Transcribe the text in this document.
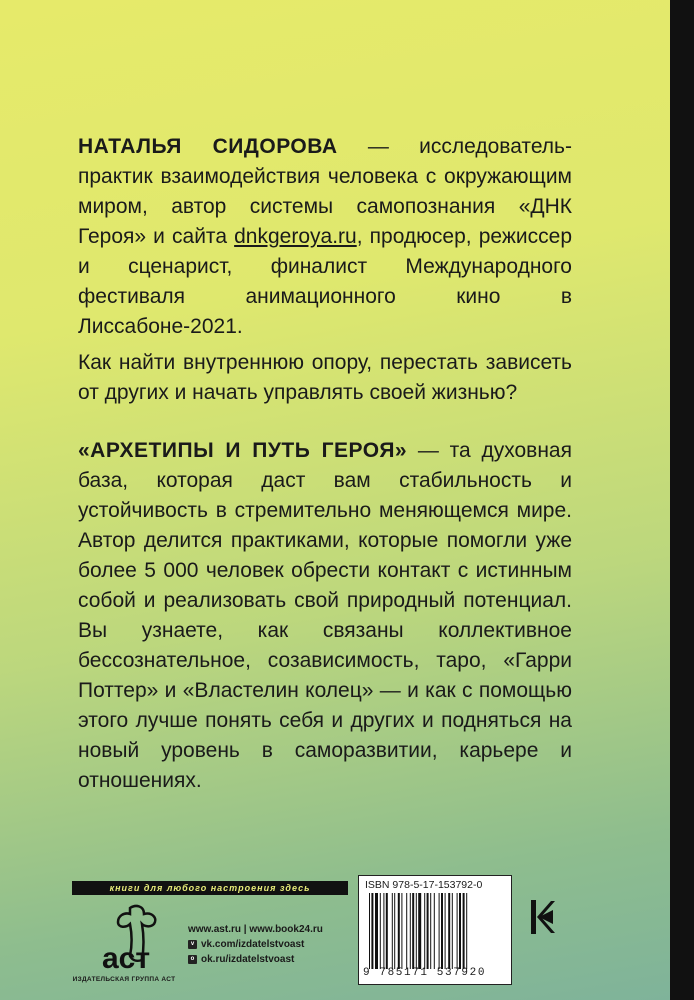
НАТАЛЬЯ СИДОРОВА — исследователь-практик взаимодействия человека с окружающим миром, автор системы самопознания «ДНК Героя» и сайта dnkgeroya.ru, продюсер, режиссер и сценарист, финалист Международного фестиваля анимационного кино в Лиссабоне-2021.

Как найти внутреннюю опору, перестать зависеть от других и начать управлять своей жизнью?

«АРХЕТИПЫ И ПУТЬ ГЕРОЯ» — та духовная база, которая даст вам стабильность и устойчивость в стремительно меняющемся мире. Автор делится практиками, которые помогли уже более 5 000 человек обрести контакт с истинным собой и реализовать свой природный потенциал. Вы узнаете, как связаны коллективное бессознательное, созависимость, таро, «Гарри Поттер» и «Властелин колец» — и как с помощью этого лучше понять себя и других и подняться на новый уровень в саморазвитии, карьере и отношениях.

книги для любого настроения здесь
аст
ИЗДАТЕЛЬСКАЯ ГРУППА АСТ
www.ast.ru | www.book24.ru
v vk.com/izdatelstvoast
o ok.ru/izdatelstvoast
ISBN 978-5-17-153792-0
9 785171 537920
